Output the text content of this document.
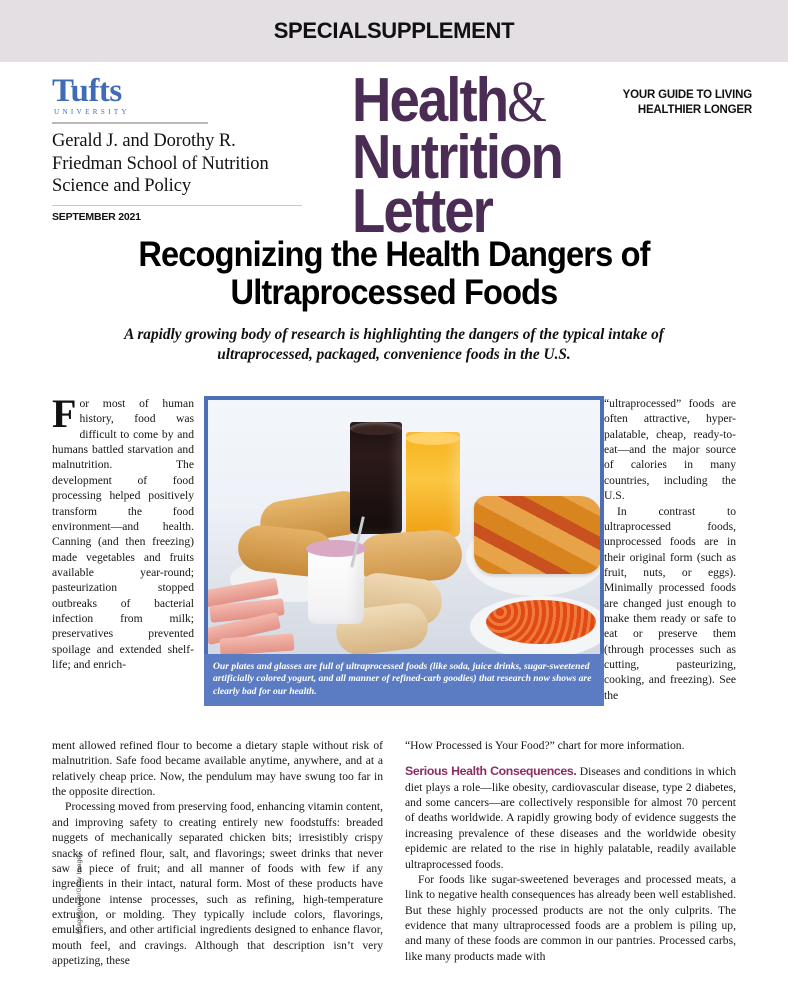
SPECIALSUPPLEMENT
Tufts
UNIVERSITY
Gerald J. and Dorothy R. Friedman School of Nutrition Science and Policy
SEPTEMBER 2021
Health&
Nutrition Letter
YOUR GUIDE TO LIVING
HEALTHIER LONGER
Recognizing the Health Dangers of
Ultraprocessed Foods
A rapidly growing body of research is highlighting the dangers of the typical intake of ultraprocessed, packaged, convenience foods in the U.S.
ImageSource/Getty Images

For most of human history, food was difficult to come by and humans battled starvation and malnutrition. The development of food processing helped positively transform the food environment—and health. Canning (and then freezing) made vegetables and fruits available year-round; pasteurization stopped outbreaks of bacterial infection from milk; preservatives prevented spoilage and extended shelf-life; and enrich-	Our plates and glasses are full of ultraprocessed foods (like soda, juice drinks, sugar-sweetened artificially colored yogurt, and all manner of refined-carb goodies) that research now shows are clearly bad for our health.

“ultraprocessed” foods are often attractive, hyper-palatable, cheap, ready-to-eat—and the major source of calories in many countries, including the U.S.

In contrast to ultraprocessed foods, unprocessed foods are in their original form (such as fruit, nuts, or eggs). Minimally processed foods are changed just enough to make them ready or safe to eat or preserve them (through processes such as cutting, pasteurizing, cooking, and freezing). See the

ment allowed refined flour to become a dietary staple without risk of malnutrition. Safe food became available anytime, anywhere, and at a relatively cheap price. Now, the pendulum may have swung too far in the opposite direction.

Processing moved from preserving food, enhancing vitamin content, and improving safety to creating entirely new foodstuffs: breaded nuggets of mechanically separated chicken bits; irresistibly crispy snacks of refined flour, salt, and flavorings; sweet drinks that never saw a piece of fruit; and all manner of foods with few if any ingredients in their intact, natural form. Most of these products have undergone intense processes, such as refining, high-temperature extrusion, or molding. They typically include colors, flavorings, emulsifiers, and other artificial ingredients designed to enhance flavor, mouth feel, and cravings. Although that description isn’t very appetizing, these

“How Processed is Your Food?” chart for more information.

Serious Health Consequences. Diseases and conditions in which diet plays a role—like obesity, cardiovascular disease, type 2 diabetes, and some cancers—are collectively responsible for almost 70 percent of deaths worldwide. A rapidly growing body of evidence suggests the increasing prevalence of these diseases and the worldwide obesity epidemic are related to the rise in highly palatable, readily available ultraprocessed foods.

For foods like sugar-sweetened beverages and processed meats, a link to negative health consequences has already been well established. But these highly processed products are not the only culprits. The evidence that many ultraprocessed foods are a problem is piling up, and many of these foods are common in our pantries. Processed carbs, like many products made with
